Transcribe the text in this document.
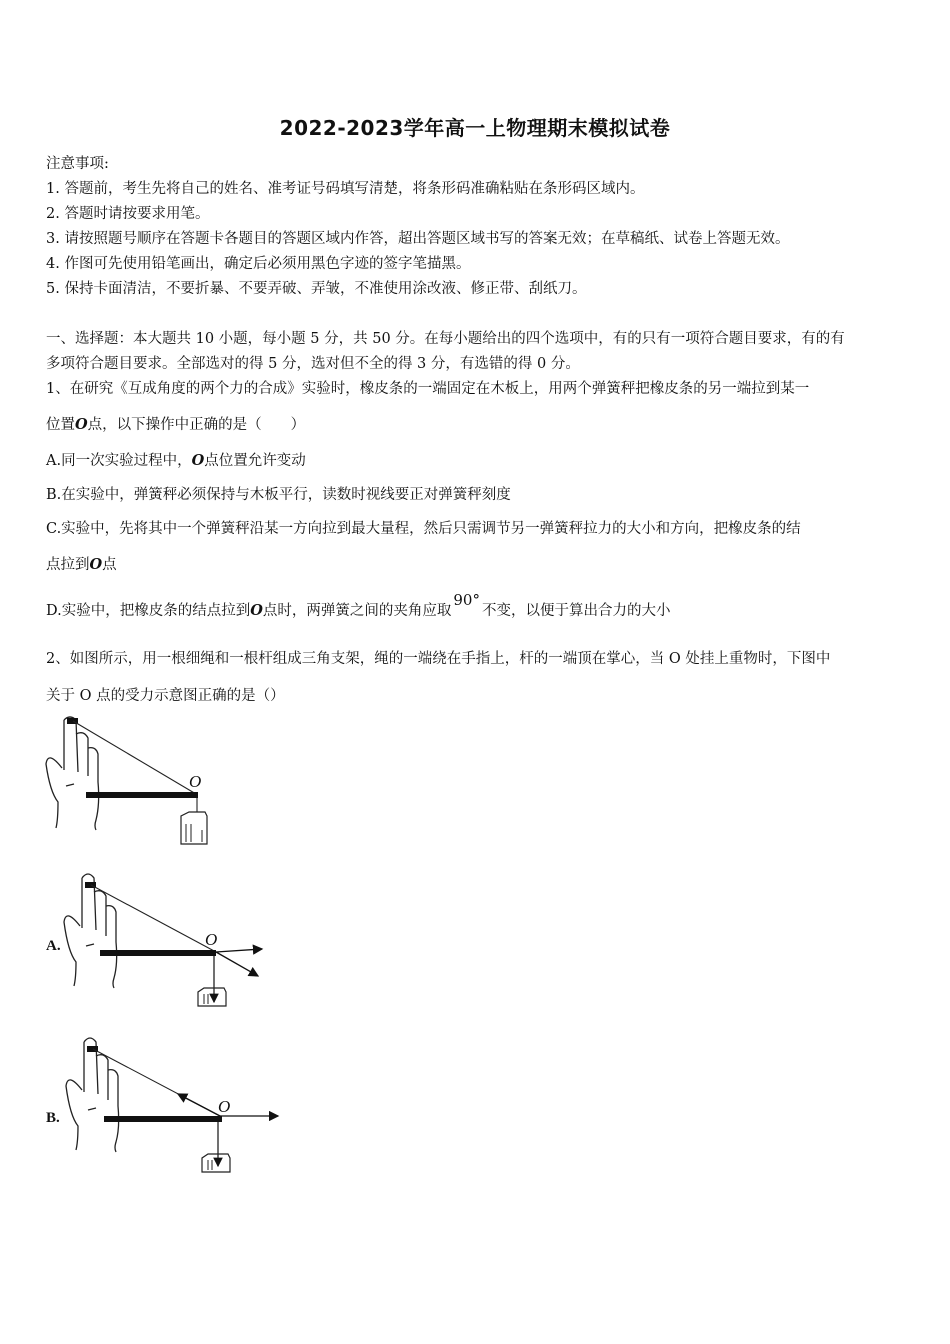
2022-2023学年高一上物理期末模拟试卷
注意事项:
1. 答题前，考生先将自己的姓名、准考证号码填写清楚，将条形码准确粘贴在条形码区域内。
2. 答题时请按要求用笔。
3. 请按照题号顺序在答题卡各题目的答题区域内作答，超出答题区域书写的答案无效；在草稿纸、试卷上答题无效。
4. 作图可先使用铅笔画出，确定后必须用黑色字迹的签字笔描黑。
5. 保持卡面清洁，不要折暴、不要弄破、弄皱，不准使用涂改液、修正带、刮纸刀。
一、选择题：本大题共 10 小题，每小题 5 分，共 50 分。在每小题给出的四个选项中，有的只有一项符合题目要求，有的有
多项符合题目要求。全部选对的得 5 分，选对但不全的得 3 分，有选错的得 0 分。
1、在研究《互成角度的两个力的合成》实验时，橡皮条的一端固定在木板上，用两个弹簧秤把橡皮条的另一端拉到某一
位置O点，以下操作中正确的是（　　）
A.同一次实验过程中，O点位置允许变动
B.在实验中，弹簧秤必须保持与木板平行，读数时视线要正对弹簧秤刻度
C.实验中，先将其中一个弹簧秤沿某一方向拉到最大量程，然后只需调节另一弹簧秤拉力的大小和方向，把橡皮条的结
点拉到O点
D.实验中，把橡皮条的结点拉到O点时，两弹簧之间的夹角应取90°不变，以便于算出合力的大小
2、如图所示，用一根细绳和一根杆组成三角支架，绳的一端绕在手指上，杆的一端顶在掌心，当 O 处挂上重物时，下图中
关于 O 点的受力示意图正确的是（）
O
A.	O
B.
O
